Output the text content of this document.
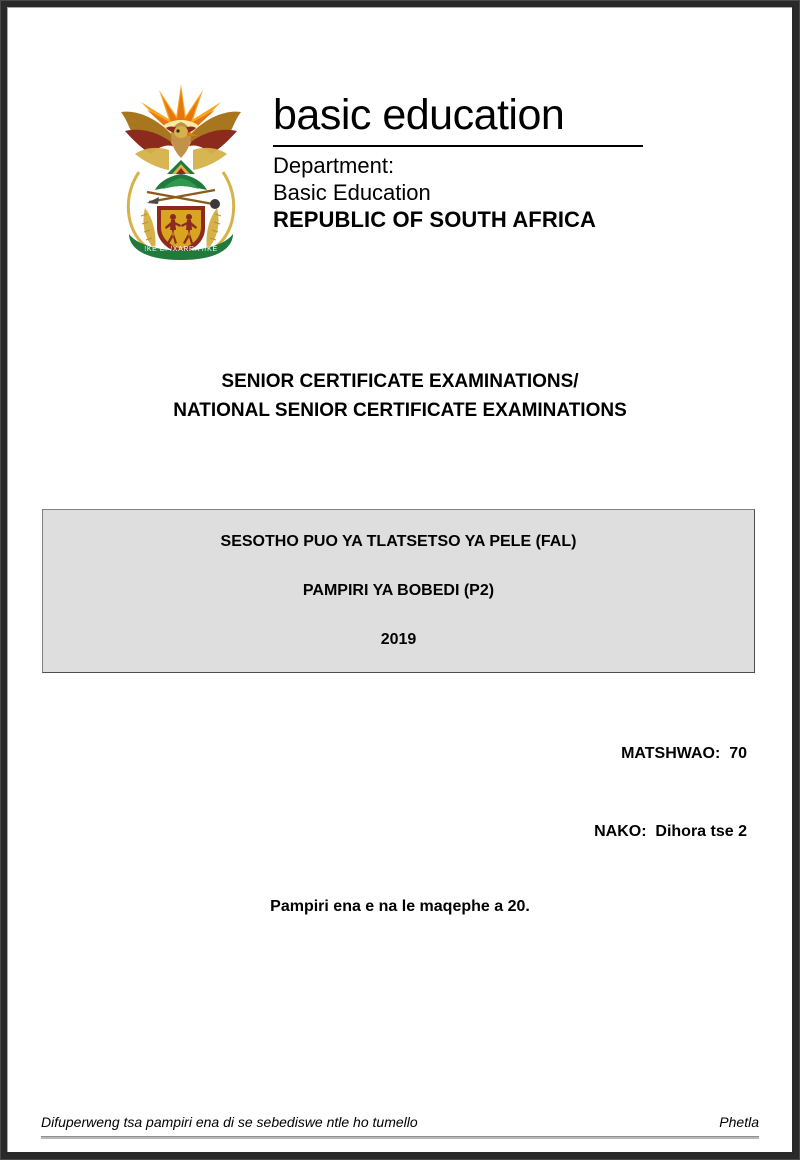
!KE E: /XARRA //KE
basic education
Department:
Basic Education
REPUBLIC OF SOUTH AFRICA
SENIOR CERTIFICATE EXAMINATIONS/
NATIONAL SENIOR CERTIFICATE EXAMINATIONS
SESOTHO PUO YA TLATSETSO YA PELE (FAL)
PAMPIRI YA BOBEDI (P2)
2019

MATSHWAO:  70

NAKO:  Dihora tse 2

Pampiri ena e na le maqephe a 20.
Difuperweng tsa pampiri ena di se sebediswe ntle ho tumello	Phetla
